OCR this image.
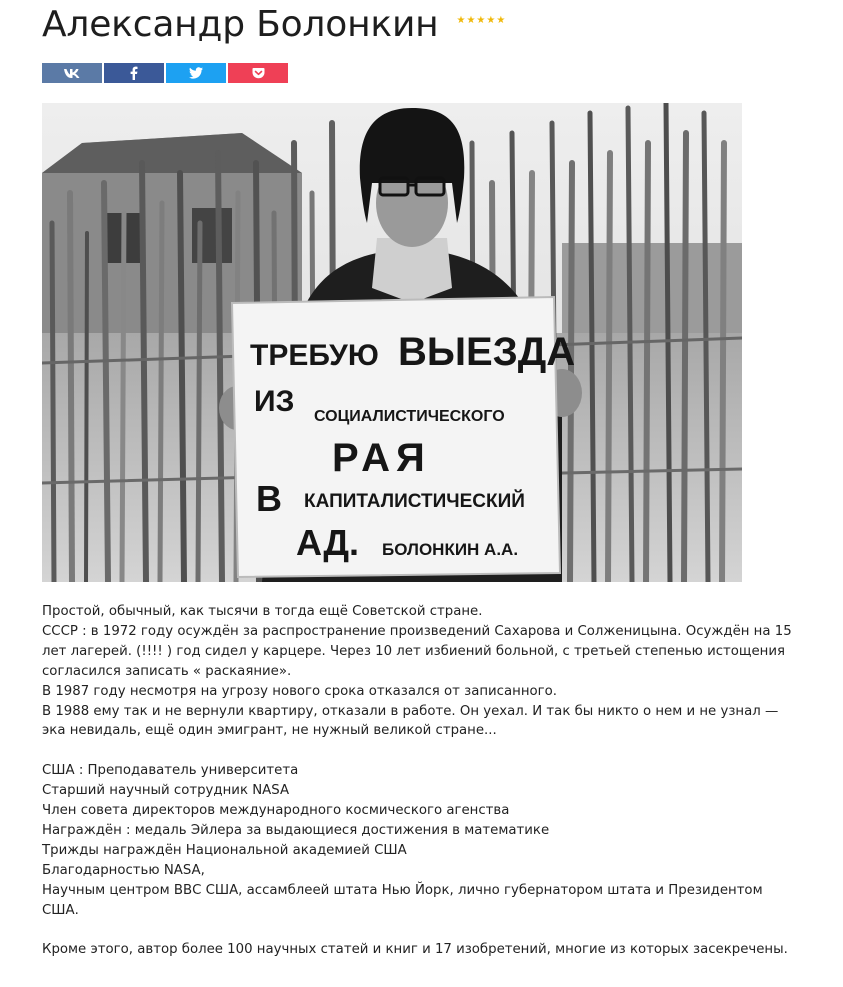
Александр Болонкин ★ ★ ★ ★ ★
ТРЕБУЮ ВЫЕЗДА
ИЗ СОЦИАЛИСТИЧЕСКОГО
РАЯ
В КАПИТАЛИСТИЧЕСКИЙ
АД. БОЛОНКИН А.А.

Простой, обычный, как тысячи в тогда ещё Советской стране.

СССР : в 1972 году осуждён за распространение произведений Сахарова и Солженицына. Осуждён на 15 лет лагерей. (!!!! ) год сидел у карцере. Через 10 лет избиений больной, с третьей степенью истощения согласился записать « раскаяние».

В 1987 году несмотря на угрозу нового срока отказался от записанного.

В 1988 ему так и не вернули квартиру, отказали в работе. Он уехал. И так бы никто о нем и не узнал — эка невидаль, ещё один эмигрант, не нужный великой стране...

США : Преподаватель университета

Старший научный сотрудник NASA

Член совета директоров международного космического агенства

Награждён : медаль Эйлера за выдающиеся достижения в математике

Трижды награждён Национальной академией США

Благодарностью NASA,

Научным центром ВВС США, ассамблеей штата Нью Йорк, лично губернатором штата и Президентом США.

Кроме этого, автор более 100 научных статей и книг и 17 изобретений, многие из которых засекречены.
